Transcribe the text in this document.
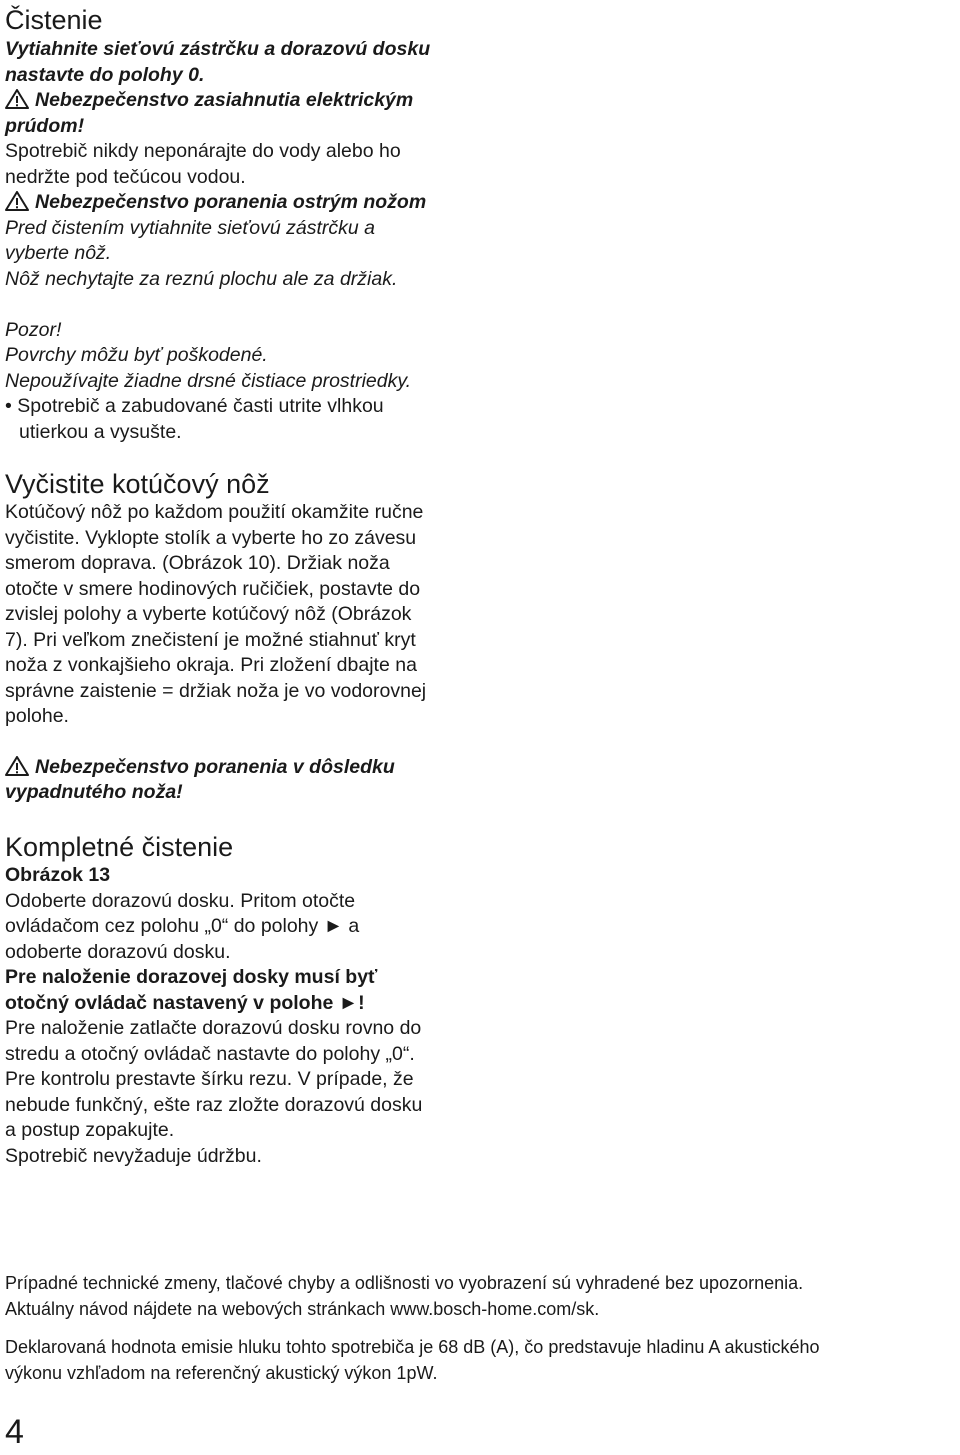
Čistenie

Vytiahnite sieťovú zástrčku a dorazovú dosku

nastavte do polohy 0.

Nebezpečenstvo zasiahnutia elektrickým

prúdom!

Spotrebič nikdy neponárajte do vody alebo ho

nedržte pod tečúcou vodou.

Nebezpečenstvo poranenia ostrým nožom

Pred čistením vytiahnite sieťovú zástrčku a

vyberte nôž.

Nôž nechytajte za reznú plochu ale za držiak.

Pozor!

Povrchy môžu byť poškodené.

Nepoužívajte žiadne drsné čistiace prostriedky.

• Spotrebič a zabudované časti utrite vlhkou

utierkou a vysušte.

Vyčistite kotúčový nôž

Kotúčový nôž po každom použití okamžite ručne

vyčistite. Vyklopte stolík a vyberte ho zo závesu

smerom doprava. (Obrázok 10). Držiak noža

otočte v smere hodinových ručičiek, postavte do

zvislej polohy a vyberte kotúčový nôž (Obrázok

7). Pri veľkom znečistení je možné stiahnuť kryt

noža z vonkajšieho okraja. Pri zložení dbajte na

správne zaistenie = držiak noža je vo vodorovnej

polohe.

Nebezpečenstvo poranenia v dôsledku

vypadnutého noža!

Kompletné čistenie

Obrázok 13

Odoberte dorazovú dosku. Pritom otočte

ovládačom cez polohu „0“ do polohy ► a

odoberte dorazovú dosku.

Pre naloženie dorazovej dosky musí byť

otočný ovládač nastavený v polohe ►!

Pre naloženie zatlačte dorazovú dosku rovno do

stredu a otočný ovládač nastavte do polohy „0“.

Pre kontrolu prestavte šírku rezu. V prípade, že

nebude funkčný, ešte raz zložte dorazovú dosku

a postup zopakujte.

Spotrebič nevyžaduje údržbu.

Prípadné technické zmeny, tlačové chyby a odlišnosti vo vyobrazení sú vyhradené bez upozornenia.

Aktuálny návod nájdete na webových stránkach www.bosch-home.com/sk.

Deklarovaná hodnota emisie hluku tohto spotrebiča je 68 dB (A), čo predstavuje hladinu A akustického

výkonu vzhľadom na referenčný akustický výkon 1pW.

4
